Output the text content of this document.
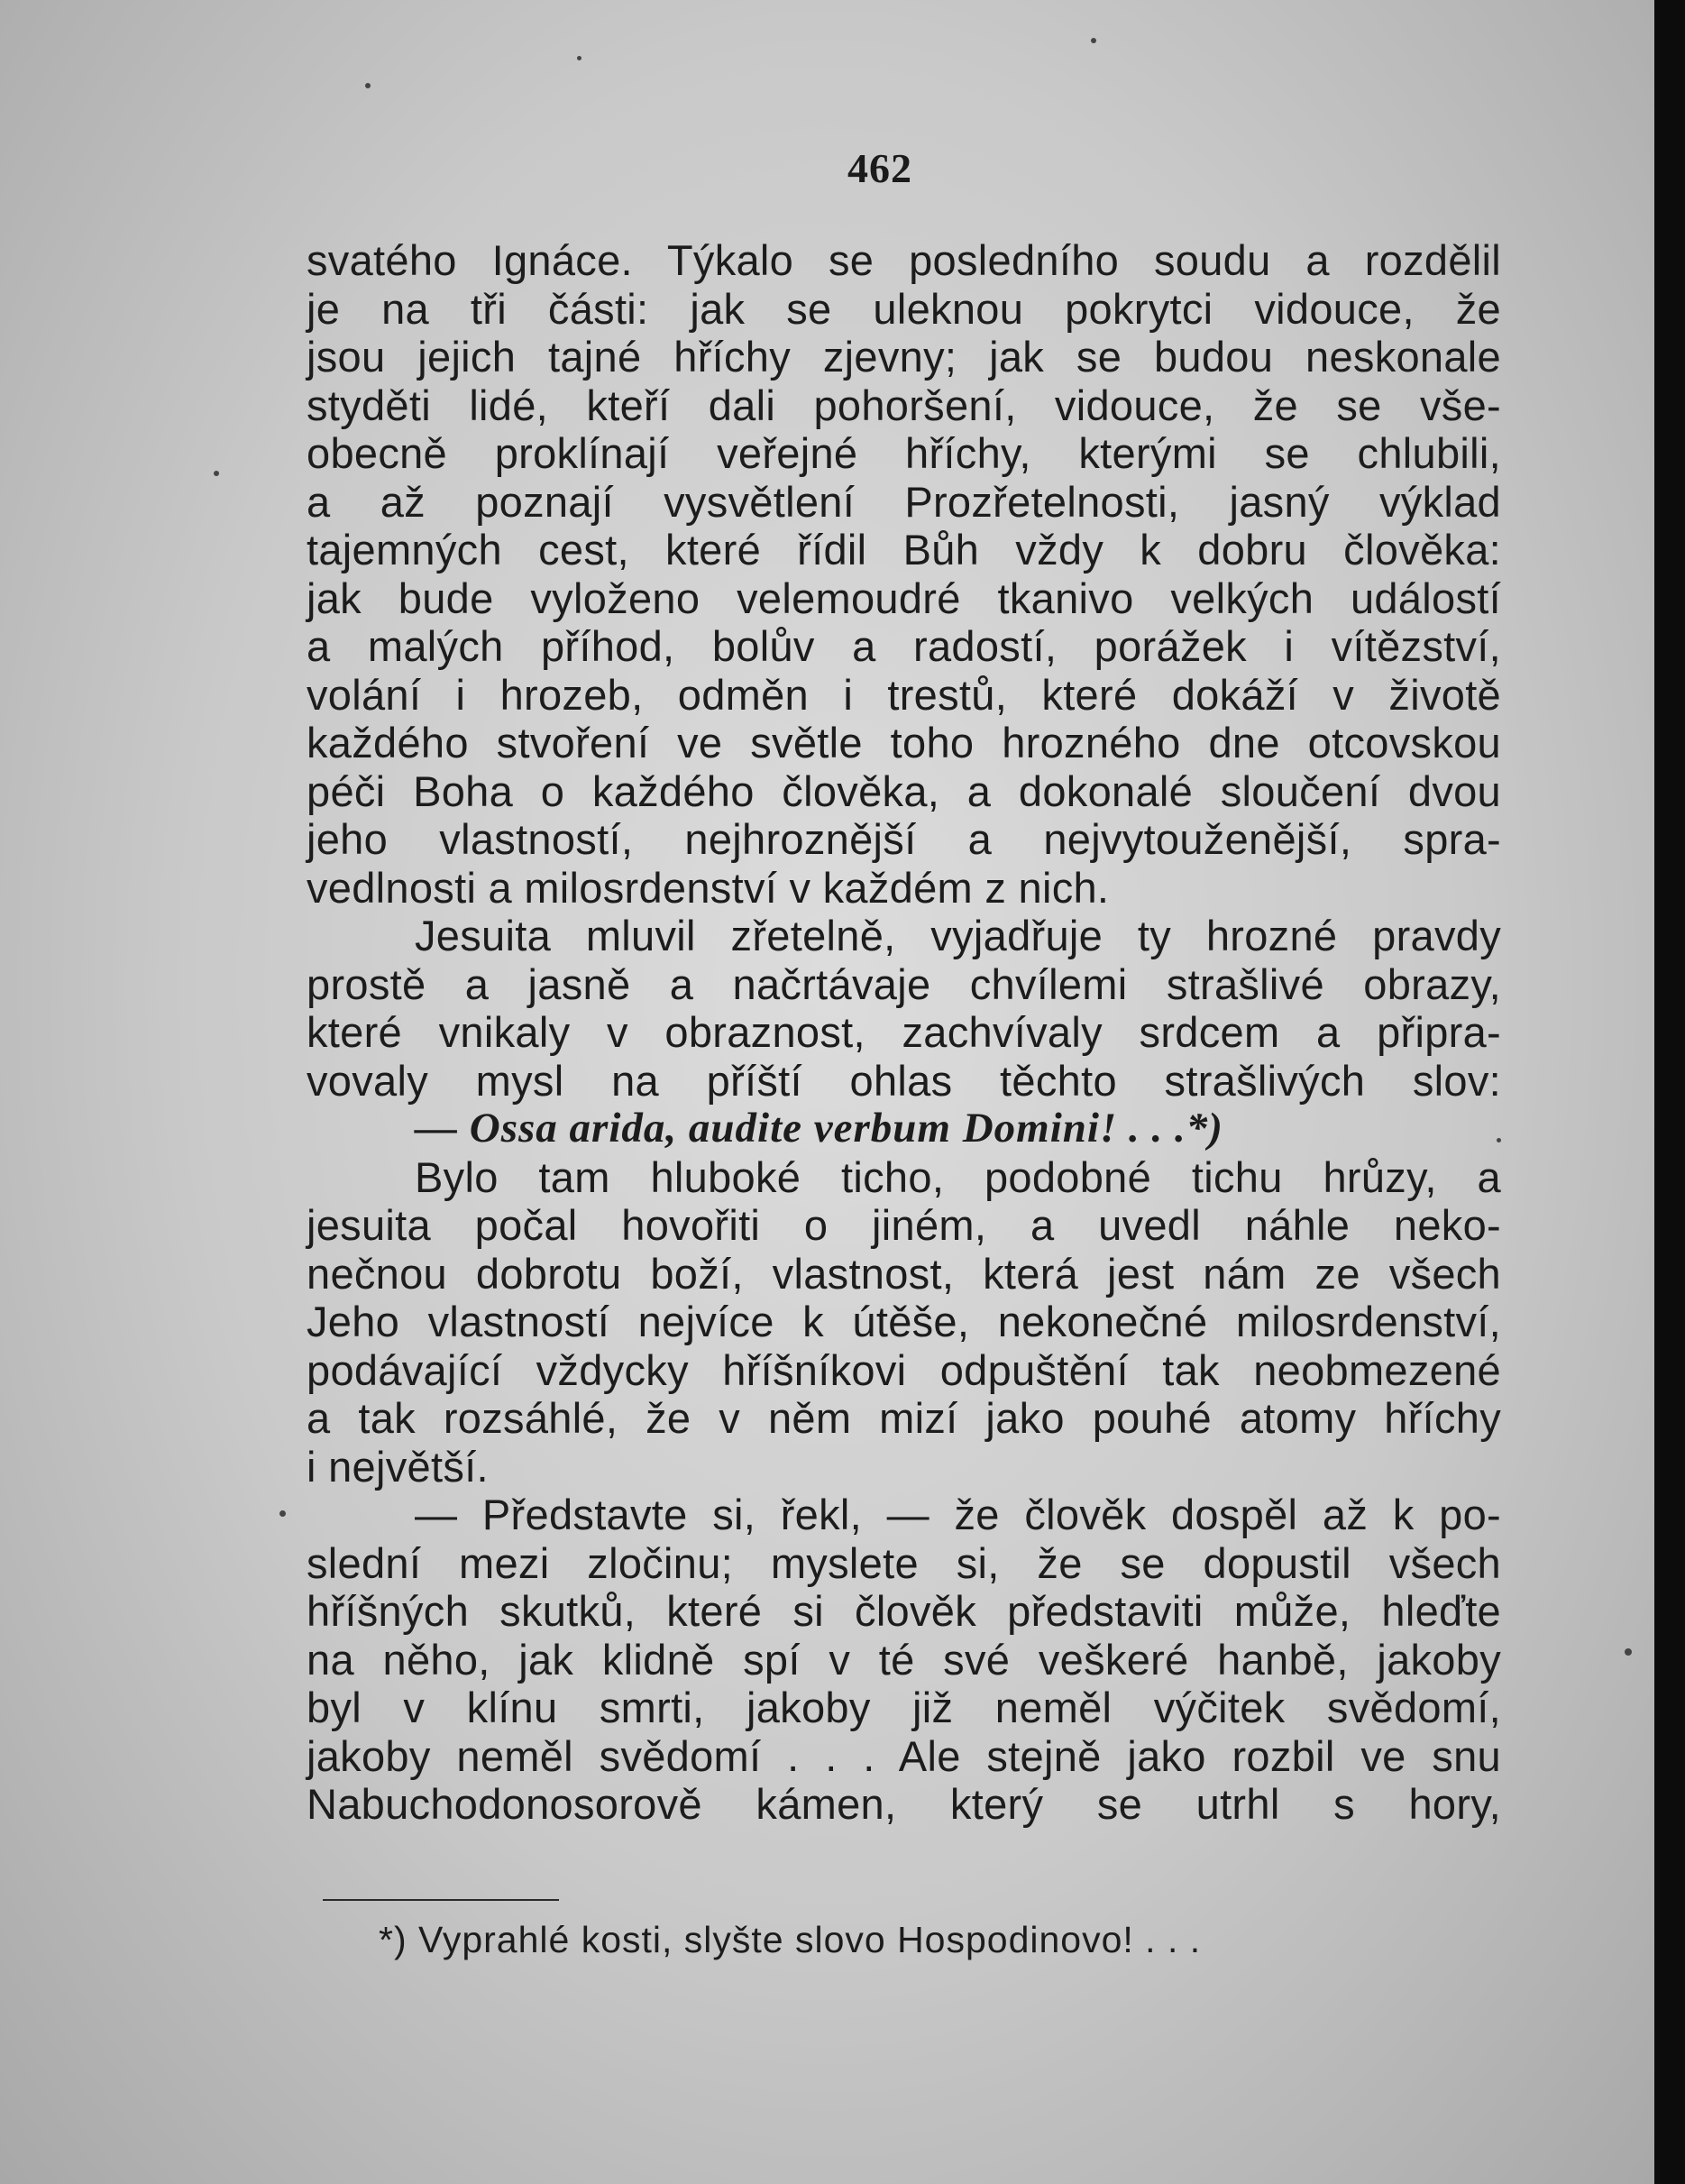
462
svatého Ignáce. Týkalo se posledního soudu a rozdělil
je na tři části: jak se uleknou pokrytci vidouce, že
jsou jejich tajné hříchy zjevny; jak se budou neskonale
styděti lidé, kteří dali pohoršení, vidouce, že se vše-
obecně proklínají veřejné hříchy, kterými se chlubili,
a až poznají vysvětlení Prozřetelnosti, jasný výklad
tajemných cest, které řídil Bůh vždy k dobru člověka:
jak bude vyloženo velemoudré tkanivo velkých událostí
a malých příhod, bolův a radostí, porážek i vítězství,
volání i hrozeb, odměn i trestů, které dokáží v životě
každého stvoření ve světle toho hrozného dne otcovskou
péči Boha o každého člověka, a dokonalé sloučení dvou
jeho vlastností, nejhroznější a nejvytouženější, spra-
vedlnosti a milosrdenství v každém z nich.
Jesuita mluvil zřetelně, vyjadřuje ty hrozné pravdy
prostě a jasně a načrtávaje chvílemi strašlivé obrazy,
které vnikaly v obraznost, zachvívaly srdcem a připra-
vovaly mysl na příští ohlas těchto strašlivých slov:
— Ossa arida, audite verbum Domini! . . .*)
Bylo tam hluboké ticho, podobné tichu hrůzy, a
jesuita počal hovořiti o jiném, a uvedl náhle neko-
nečnou dobrotu boží, vlastnost, která jest nám ze všech
Jeho vlastností nejvíce k útěše, nekonečné milosrdenství,
podávající vždycky hříšníkovi odpuštění tak neobmezené
a tak rozsáhlé, že v něm mizí jako pouhé atomy hříchy
i největší.
— Představte si, řekl, — že člověk dospěl až k po-
slední mezi zločinu; myslete si, že se dopustil všech
hříšných skutků, které si člověk představiti může, hleďte
na něho, jak klidně spí v té své veškeré hanbě, jakoby
byl v klínu smrti, jakoby již neměl výčitek svědomí,
jakoby neměl svědomí . . . Ale stejně jako rozbil ve snu
Nabuchodonosorově kámen, který se utrhl s hory,
*) Vyprahlé kosti, slyšte slovo Hospodinovo! . . .
